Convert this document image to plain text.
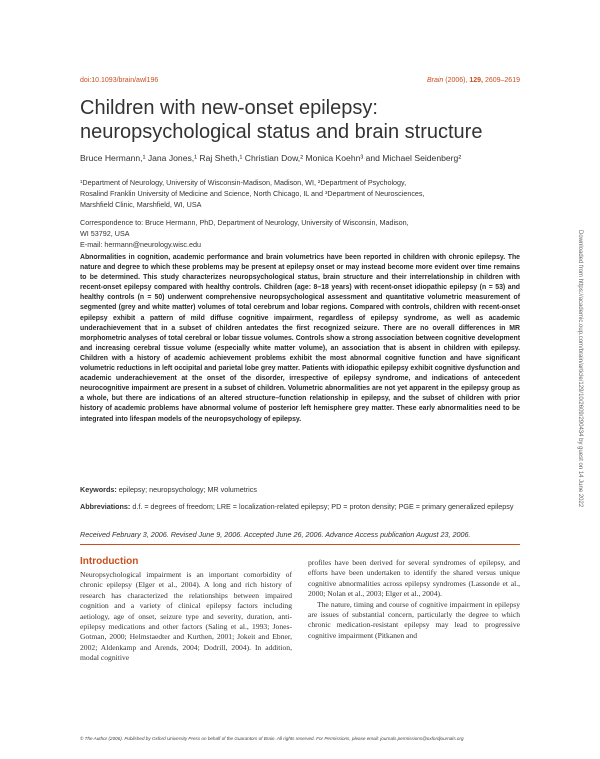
doi:10.1093/brain/awl196	Brain (2006), 129, 2609–2619
Children with new-onset epilepsy:
neuropsychological status and brain structure
Bruce Hermann,¹ Jana Jones,¹ Raj Sheth,¹ Christian Dow,² Monica Koehn³ and Michael Seidenberg²
¹Department of Neurology, University of Wisconsin-Madison, Madison, WI, ²Department of Psychology,
Rosalind Franklin University of Medicine and Science, North Chicago, IL and ³Department of Neurosciences,
Marshfield Clinic, Marshfield, WI, USA
Correspondence to: Bruce Hermann, PhD, Department of Neurology, University of Wisconsin, Madison,
WI 53792, USA
E-mail: hermann@neurology.wisc.edu
Abnormalities in cognition, academic performance and brain volumetrics have been reported in children with chronic epilepsy. The nature and degree to which these problems may be present at epilepsy onset or may instead become more evident over time remains to be determined. This study characterizes neuropsychological status, brain structure and their interrelationship in children with recent-onset epilepsy compared with healthy controls. Children (age: 8–18 years) with recent-onset idiopathic epilepsy (n = 53) and healthy controls (n = 50) underwent comprehensive neuropsychological assessment and quantitative volumetric measurement of segmented (grey and white matter) volumes of total cerebrum and lobar regions. Compared with controls, children with recent-onset epilepsy exhibit a pattern of mild diffuse cognitive impairment, regardless of epilepsy syndrome, as well as academic underachievement that in a subset of children antedates the first recognized seizure. There are no overall differences in MR morphometric analyses of total cerebral or lobar tissue volumes. Controls show a strong association between cognitive development and increasing cerebral tissue volume (especially white matter volume), an association that is absent in children with epilepsy. Children with a history of academic achievement problems exhibit the most abnormal cognitive function and have significant volumetric reductions in left occipital and parietal lobe grey matter. Patients with idiopathic epilepsy exhibit cognitive dysfunction and academic underachievement at the onset of the disorder, irrespective of epilepsy syndrome, and indications of antecedent neurocognitive impairment are present in a subset of children. Volumetric abnormalities are not yet apparent in the epilepsy group as a whole, but there are indications of an altered structure–function relationship in epilepsy, and the subset of children with prior history of academic problems have abnormal volume of posterior left hemisphere grey matter. These early abnormalities need to be integrated into lifespan models of the neuropsychology of epilepsy.
Keywords: epilepsy; neuropsychology; MR volumetrics
Abbreviations: d.f. = degrees of freedom; LRE = localization-related epilepsy; PD = proton density; PGE = primary generalized epilepsy
Received February 3, 2006. Revised June 9, 2006. Accepted June 26, 2006. Advance Access publication August 23, 2006.
Introduction
Neuropsychological impairment is an important comorbidity of chronic epilepsy (Elger et al., 2004). A long and rich history of research has characterized the relationships between impaired cognition and a variety of clinical epilepsy factors including aetiology, age of onset, seizure type and severity, duration, anti-epilepsy medications and other factors (Saling et al., 1993; Jones-Gotman, 2000; Helmstaedter and Kurthen, 2001; Jokeit and Ebner, 2002; Aldenkamp and Arends, 2004; Dodrill, 2004). In addition, modal cognitive
profiles have been derived for several syndromes of epilepsy, and efforts have been undertaken to identify the shared versus unique cognitive abnormalities across epilepsy syndromes (Lassonde et al., 2000; Nolan et al., 2003; Elger et al., 2004).
The nature, timing and course of cognitive impairment in epilepsy are issues of substantial concern, particularly the degree to which chronic medication-resistant epilepsy may lead to progressive cognitive impairment (Pitkanen and
© The Author (2006). Published by Oxford University Press on behalf of the Guarantors of Brain. All rights reserved. For Permissions, please email: journals.permissions@oxfordjournals.org
Downloaded from https://academic.oup.com/brain/article/129/10/2609/290434 by guest on 14 June 2022
